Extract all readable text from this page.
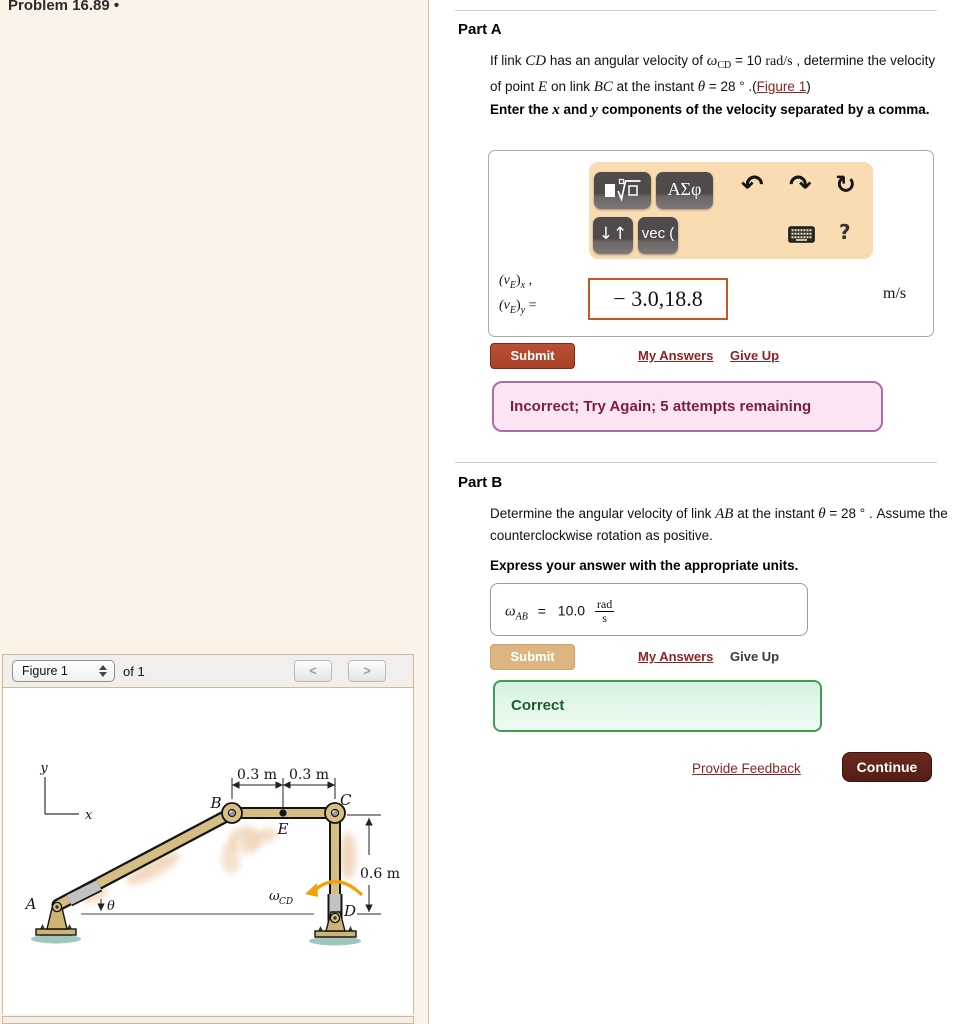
Problem 16.89 •
Figure 1	of 1	<	>
y
x
0.3 m 0.3 m
0.6 m
θ
ω CD
A
B	C
D
E
Part A
If link CD has an angular velocity of $\omega_{CD} = 10$ rad/s , determine the velocity of point E on link BC at the instant θ = 28 ° .(Figure 1)
Enter the x and y components of the velocity separated by a comma.
ΑΣφ	↶ ↷ ↻
↓↑ vec (	?
$(v_E)_x$ ,
$(v_E)_y$ =	− 3.0,18.8	m/s
Submit	My Answers Give Up
Incorrect; Try Again; 5 attempts remaining
Part B
Determine the angular velocity of link AB at the instant θ = 28 ° . Assume the counterclockwise rotation as positive.
Express your answer with the appropriate units.
$\omega_{AB} = 10.0 \frac{\text{rad}}{s}$
Submit	My Answers Give Up
Correct
Provide Feedback	Continue
